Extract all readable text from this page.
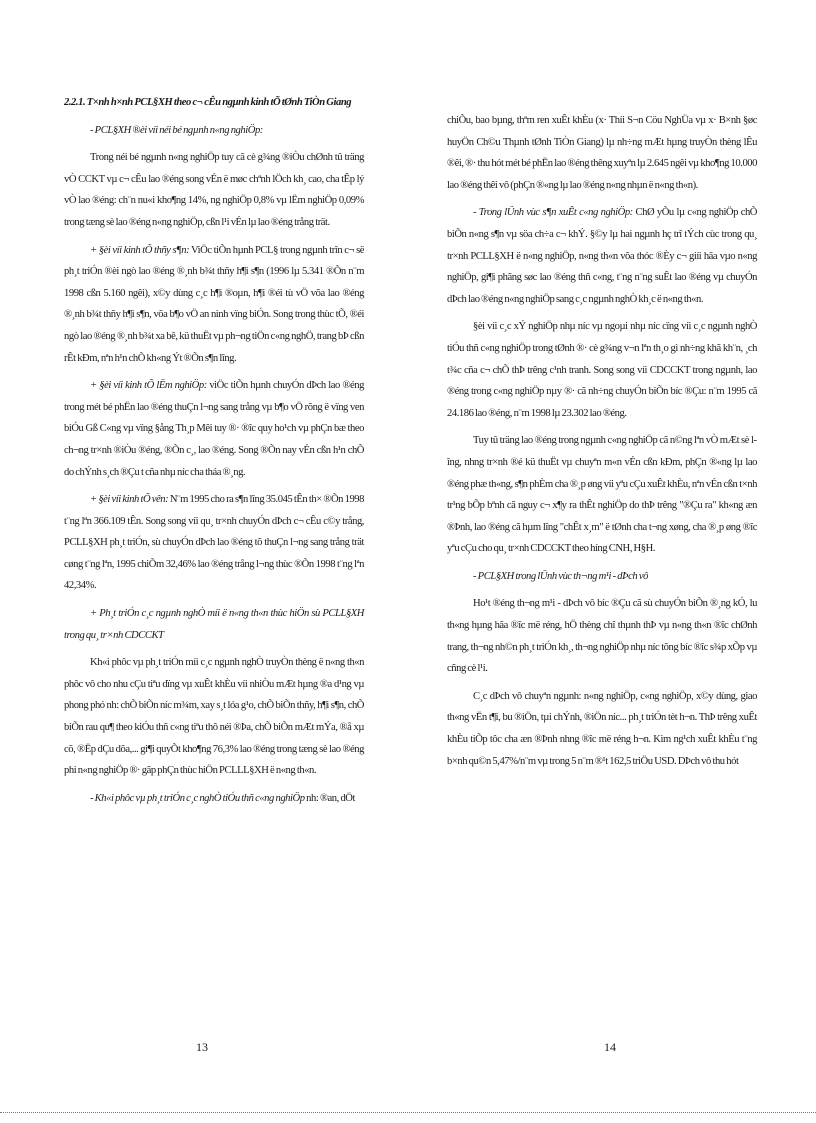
2.2.1. T×nh h×nh PCL§XH theo c¬ cÊu ngµnh kinh tÕ tØnh TiÒn Giang

- PCL§XH ®èi víi néi bé ngµnh n«ng nghiÖp:

Trong néi bé ngµnh n«ng nghiÖp tuy cã cè g¾ng ®iÒu chØnh tû träng vÒ CCKT vµ c¬ cÊu lao ®éng song vÉn ë møc chªnh lÖch kh¸ cao, cha tÊp lý vÒ lao ®éng: ch¨n nu«i kho¶ng 14%, ng nghiÖp 0,8% vµ lËm nghiÖp 0,09% trong tæng sè lao ®éng n«ng nghiÖp, cßn l¹i vÉn lµ lao ®éng trång trät.

+ §èi víi kinh tÕ thñy s¶n: ViÖc tiÕn hµnh PCL§ trong ngµnh trîn c¬ së ph¸t triÓn ®èi ngò lao ®éng ®¸nh b¾t thñy h¶i s¶n (1996 lµ 5.341 ®Õn n¨m 1998 cßn 5.160 ngêi), x©y dùng c¸c h¶i ®oµn, h¶i ®éi tù vÖ võa lao ®éng ®¸nh b¾t thñy h¶i s¶n, võa b¶o vÖ an ninh vïng biÓn. Song trong thùc tÕ, ®éi ngò lao ®éng ®¸nh b¾t xa bê, kü thuËt vµ ph¬ng tiÖn c«ng nghÖ, trang bÞ cßn rÊt kÐm, nªn h¹n chÕ kh«ng Ýt ®Õn s¶n lîng.

+ §èi víi kinh tÕ lËm nghiÖp: viÖc tiÕn hµnh chuyÓn dÞch lao ®éng trong mét bé phËn lao ®éng thuÇn l¬ng sang trång vµ b¶o vÖ rõng ë vïng ven biÓu Gß C«ng vµ vïng §ång Th¸p Mêi tuy ®· ®îc quy ho¹ch vµ phÇn bæ theo ch¬ng tr×nh ®iÒu ®éng, ®Õn c¸, lao ®éng. Song ®Õn nay vÉn cßn h¹n chÕ do chÝnh s¸ch ®Çu t cña nhµ níc cha tháa ®¸ng.

+ §èi víi kinh tÕ vên: N¨m 1995 cho ra s¶n lîng 35.045 tÊn th× ®Õn 1998 t¨ng lªn 366.109 tÊn. Song song víi qu¸ tr×nh chuyÓn dÞch c¬ cÊu c©y trång, PCLL§XH ph¸t triÓn, sù chuyÓn dÞch lao ®éng tõ thuÇn l¬ng sang trång trät cøng t¨ng lªn, 1995 chiÕm 32,46% lao ®éng trång l¬ng thùc ®Õn 1998 t¨ng lªn 42,34%.

+ Ph¸t triÓn c¸c ngµnh nghÒ míi ë n«ng th«n thùc hiÖn sù PCLL§XH trong qu¸ tr×nh CDCCKT

Kh«i phôc vµ ph¸t triÓn míi c¸c ngµnh nghÒ truyÒn thèng ë n«ng th«n phôc vô cho nhu cÇu tiªu dïng vµ xuÊt khÈu víi nhiÒu mÆt hµng ®a d¹ng vµ phong phó nh: chÕ biÕn níc m¾m, xay s¸t lóa g¹o, chÕ biÕn thñy, h¶i s¶n, chÕ biÕn rau qu¶ theo kiÓu thñ c«ng tiªu thô néi ®Þa, chÕ biÕn mÆt mÝa, ®å xµ cõ, ®Ëp dÇu dõa,... gi¶i quyÕt kho¶ng 76,3% lao ®éng trong tæng sè lao ®éng phi n«ng nghiÖp ®· gãp phÇn thùc hiÖn PCLLL§XH ë n«ng th«n.

- Kh«i phôc vµ ph¸t triÓn c¸c nghÒ tiÓu thñ c«ng nghiÖp nh: ®an, dÖt

chiÕu, bao bµng, thªm ren xuÊt khÈu (x· Thíi S¬n Cöu NghÜa vµ x· B×nh §øc huyÖn Ch©u Thµnh tØnh TiÒn Giang) lµ nh÷ng mÆt hµng truyÒn thèng lÊu ®êi, ®· thu hót mét bé phËn lao ®éng thêng xuyªn lµ 2.645 ngêi vµ kho¶ng 10.000 lao ®éng thêi vô (phÇn ®«ng lµ lao ®éng n«ng nhµn ë n«ng th«n).

- Trong lÜnh vùc s¶n xuÊt c«ng nghiÖp: ChØ yÕu lµ c«ng nghiÖp chÕ biÕn n«ng s¶n vµ söa ch÷a c¬ khÝ. §©y lµ hai ngµnh hç trî tÝch cùc trong qu¸ tr×nh PCLL§XH ë n«ng nghiÖp, n«ng th«n võa thóc ®Èy c¬ giíi hãa vµo n«ng nghiÖp, gi¶i phãng søc lao ®éng thñ c«ng, t¨ng n¨ng suÊt lao ®éng vµ chuyÓn dÞch lao ®éng n«ng nghiÖp sang c¸c ngµnh nghÒ kh¸c ë n«ng th«n.

§èi víi c¸c xÝ nghiÖp nhµ níc vµ ngoµi nhµ níc cïng víi c¸c ngµnh nghÒ tiÓu thñ c«ng nghiÖp trong tØnh ®· cè g¾ng v¬n lªn th¸o gì nh÷ng khã kh¨n, ¸ch t¾c cña c¬ chÕ thÞ trêng c¹nh tranh. Song song víi CDCCKT trong ngµnh, lao ®éng trong c«ng nghiÖp nµy ®· cã nh÷ng chuyÓn biÕn bíc ®Çu: n¨m 1995 cã 24.186 lao ®éng, n¨m 1998 lµ 23.302 lao ®éng.

Tuy tû träng lao ®éng trong ngµnh c«ng nghiÖp cã n©ng lªn vÒ mÆt sè lîng, nhng tr×nh ®é kü thuËt vµ chuyªn m«n vÉn cßn kÐm, phÇn ®«ng lµ lao ®éng phæ th«ng, s¶n phÈm cha ®¸p øng víi yªu cÇu xuÊt khÈu, nªn vÉn cßn t×nh tr¹ng bÕp bªnh cã nguy c¬ x¶y ra thÊt nghiÖp do thÞ trêng "®Çu ra" kh«ng æn ®Þnh, lao ®éng cã hµm lîng "chÊt x¸m" ë tØnh cha t¬ng xøng, cha ®¸p øng ®îc yªu cÇu cho qu¸ tr×nh CDCCKT theo híng CNH, H§H.

- PCL§XH trong lÜnh vùc th¬ng m¹i - dÞch vô

Ho¹t ®éng th¬ng m¹i - dÞch vô bíc ®Çu cã sù chuyÓn biÕn ®¸ng kÓ, lu th«ng hµng hãa ®îc më réng, hÖ thèng chî thµnh thÞ vµ n«ng th«n ®îc chØnh trang, th¬ng nh©n ph¸t triÓn kh¸, th¬ng nghiÖp nhµ níc tõng bíc ®îc s¾p xÕp vµ cñng cè l¹i.

C¸c dÞch vô chuyªn ngµnh: n«ng nghiÖp, c«ng nghiÖp, x©y dùng, giao th«ng vËn t¶i, bu ®iÖn, tµi chÝnh, ®iÖn níc... ph¸t triÓn tèt h¬n. ThÞ trêng xuÊt khÈu tiÕp tôc cha æn ®Þnh nhng ®îc më réng h¬n. Kim ng¹ch xuÊt khÈu t¨ng b×nh qu©n 5,47%/n¨m vµ trong 5 n¨m ®¹t 162,5 triÖu USD. DÞch vô thu hót

13	14
